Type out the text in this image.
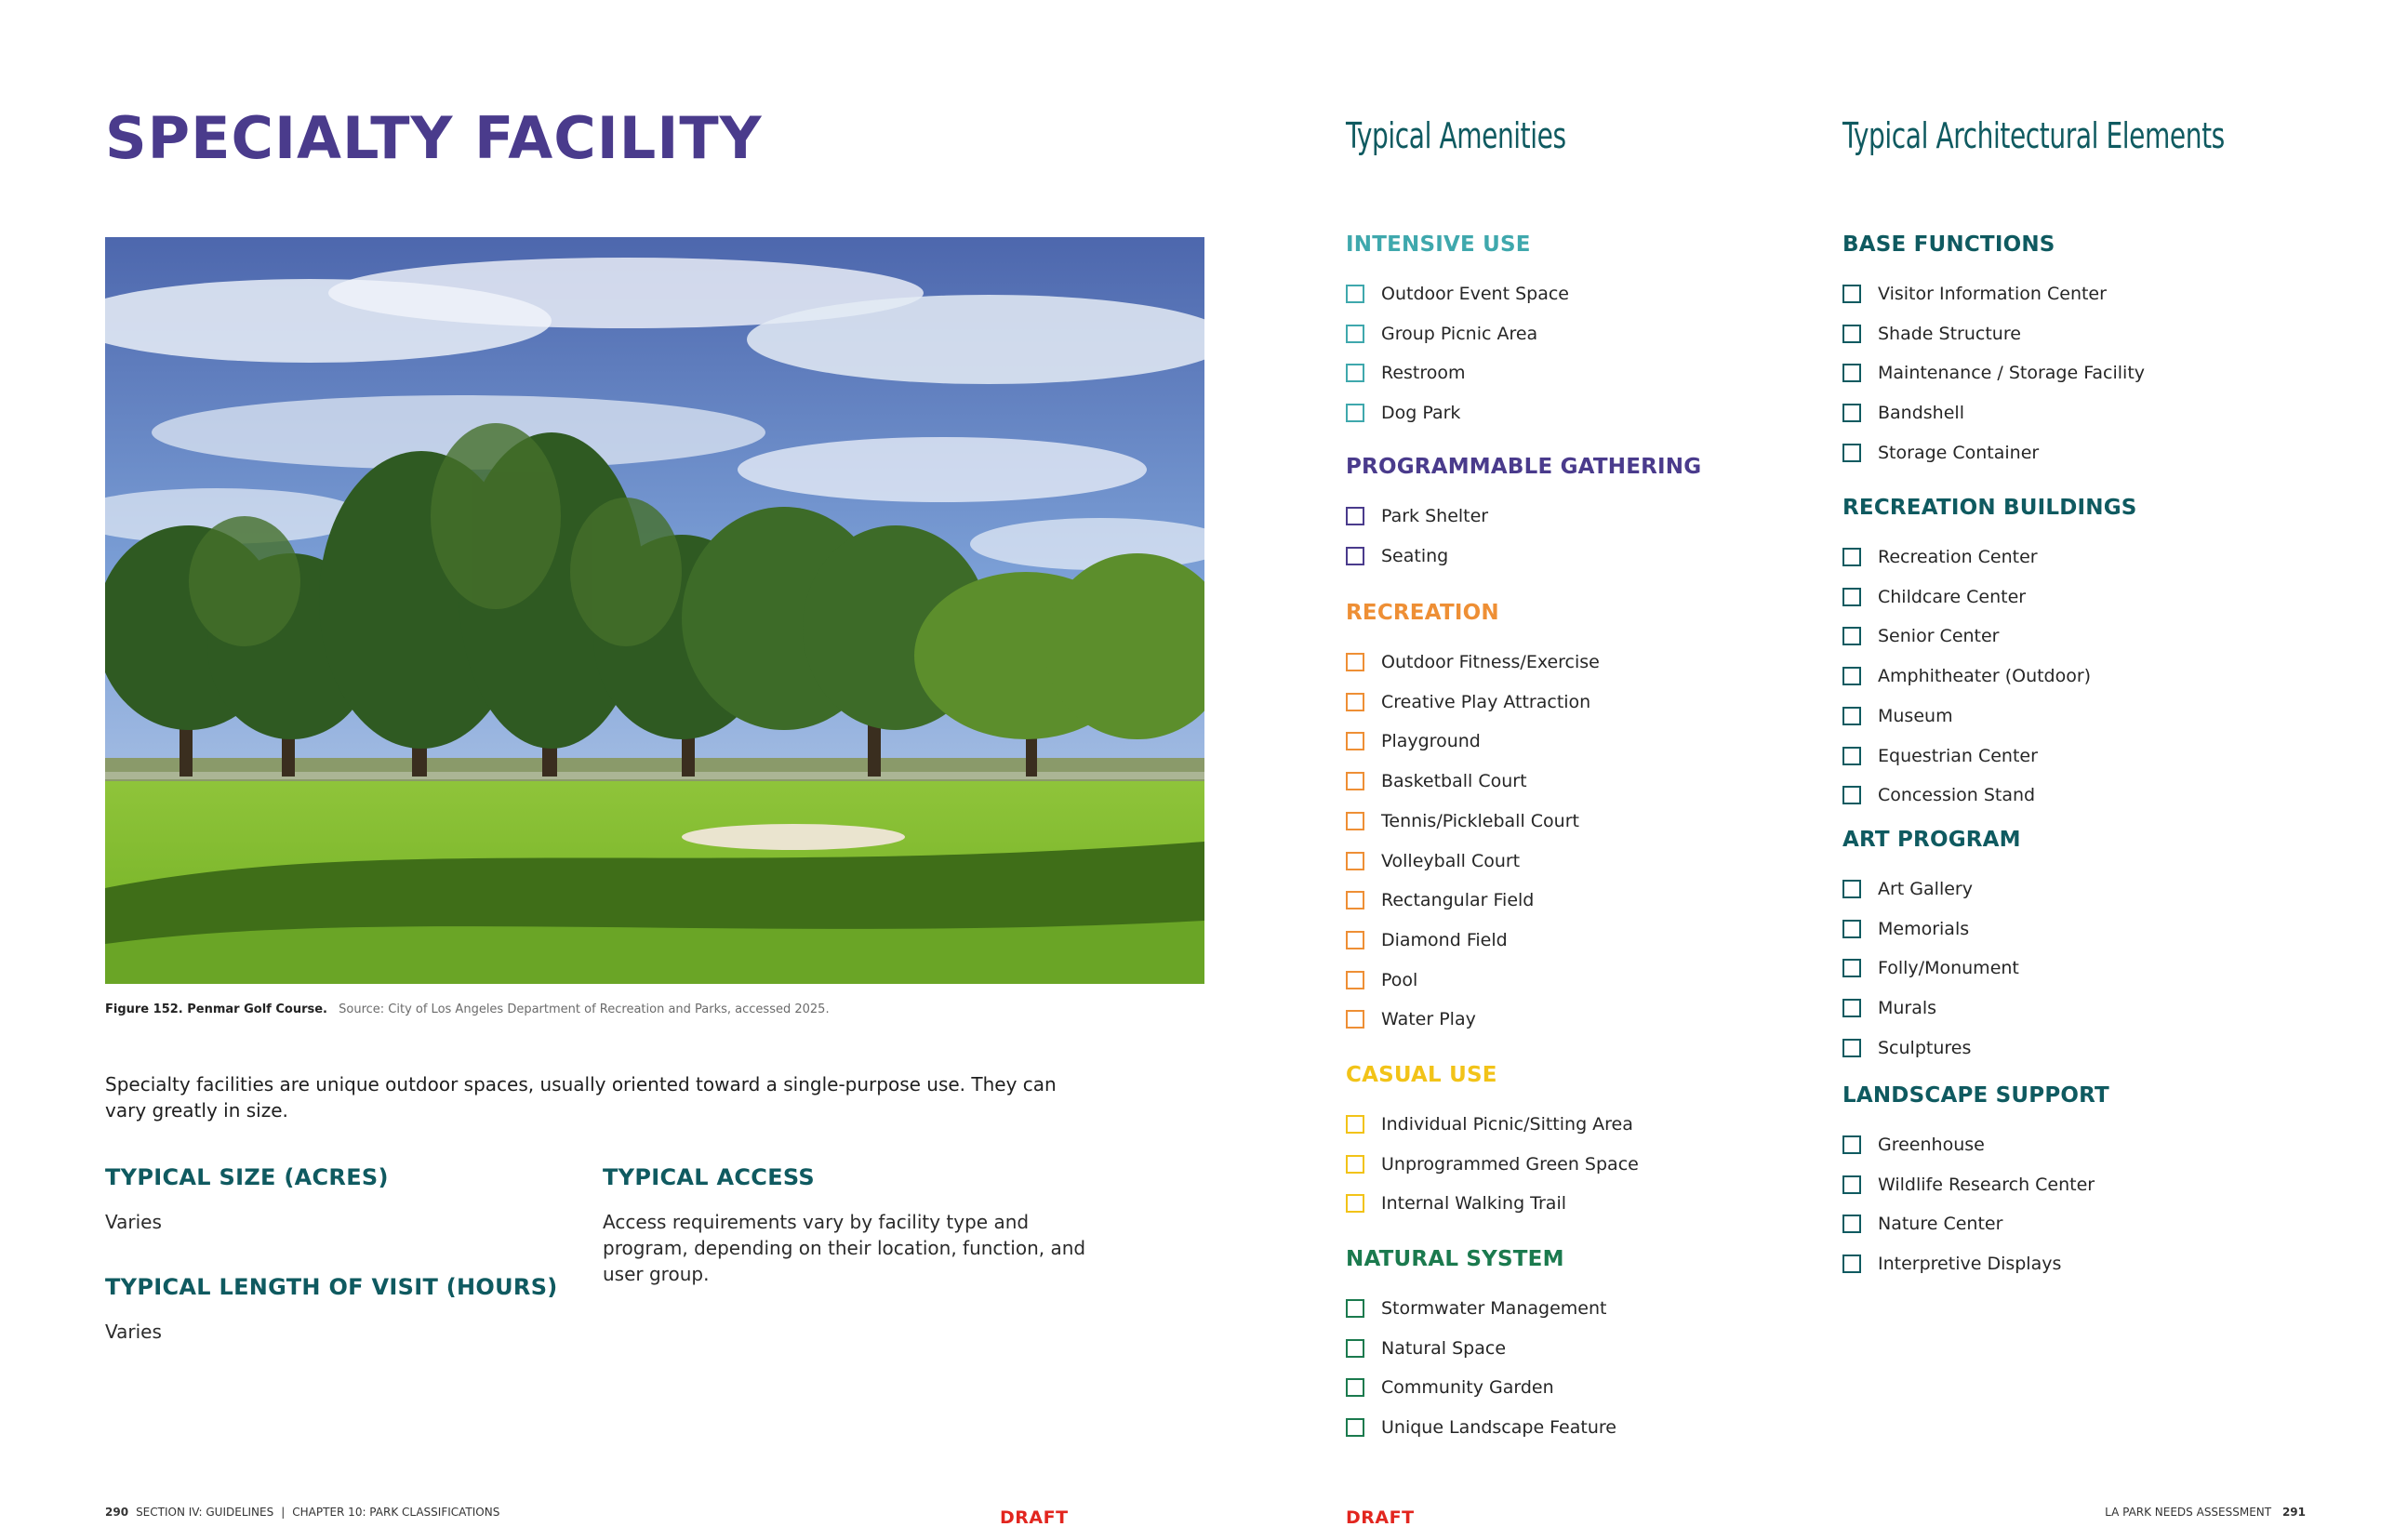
SPECIALTY FACILITY
Figure 152. Penmar Golf Course. Source: City of Los Angeles Department of Recreation and Parks, accessed 2025.
Specialty facilities are unique outdoor spaces, usually oriented toward a single-purpose use. They can vary greatly in size.
TYPICAL SIZE (ACRES)
Varies
TYPICAL LENGTH OF VISIT (HOURS)
Varies
TYPICAL ACCESS
Access requirements vary by facility type and program, depending on their location, function, and user group.
290 SECTION IV: GUIDELINES | CHAPTER 10: PARK CLASSIFICATIONS	DRAFT
Typical Amenities	Typical Architectural Elements
INTENSIVE USE
Outdoor Event Space
Group Picnic Area
Restroom
Dog Park
PROGRAMMABLE GATHERING
Park Shelter
Seating
RECREATION
Outdoor Fitness/Exercise
Creative Play Attraction
Playground
Basketball Court
Tennis/Pickleball Court
Volleyball Court
Rectangular Field
Diamond Field
Pool
Water Play
CASUAL USE
Individual Picnic/Sitting Area
Unprogrammed Green Space
Internal Walking Trail
NATURAL SYSTEM
Stormwater Management
Natural Space
Community Garden
Unique Landscape Feature
BASE FUNCTIONS
Visitor Information Center
Shade Structure
Maintenance / Storage Facility
Bandshell
Storage Container
RECREATION BUILDINGS
Recreation Center
Childcare Center
Senior Center
Amphitheater (Outdoor)
Museum
Equestrian Center
Concession Stand
ART PROGRAM
Art Gallery
Memorials
Folly/Monument
Murals
Sculptures
LANDSCAPE SUPPORT
Greenhouse
Wildlife Research Center
Nature Center
Interpretive Displays
DRAFT	LA PARK NEEDS ASSESSMENT 291
